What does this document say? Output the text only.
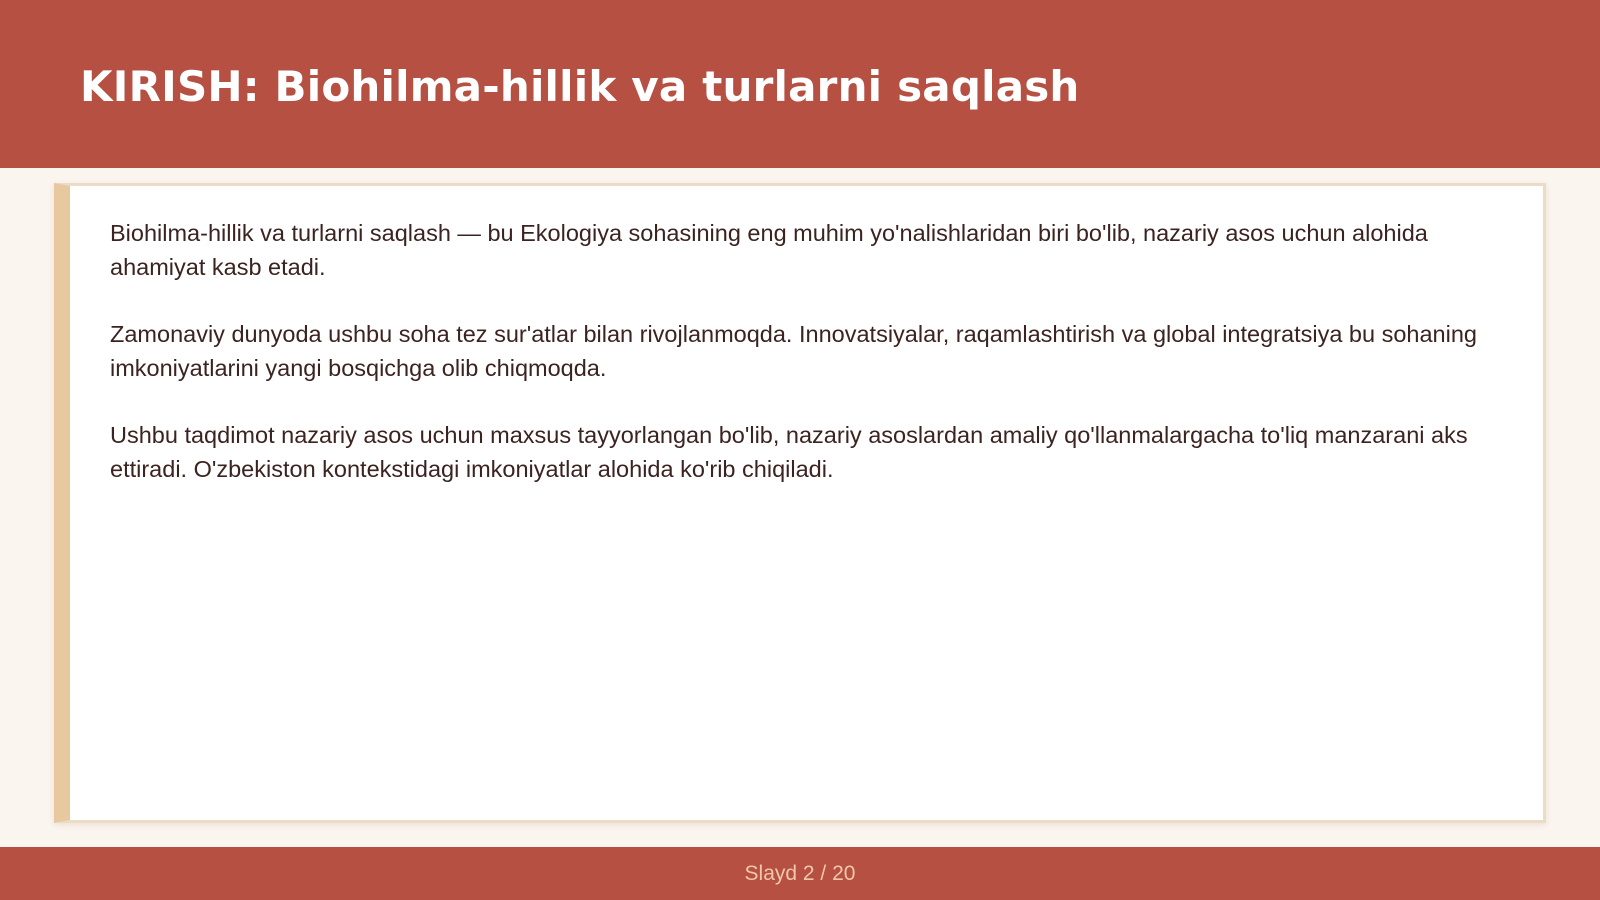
KIRISH: Biohilma-hillik va turlarni saqlash

Biohilma-hillik va turlarni saqlash — bu Ekologiya sohasining eng muhim yo'nalishlaridan biri bo'lib, nazariy asos uchun alohida ahamiyat kasb etadi.

Zamonaviy dunyoda ushbu soha tez sur'atlar bilan rivojlanmoqda. Innovatsiyalar, raqamlashtirish va global integratsiya bu sohaning imkoniyatlarini yangi bosqichga olib chiqmoqda.

Ushbu taqdimot nazariy asos uchun maxsus tayyorlangan bo'lib, nazariy asoslardan amaliy qo'llanmalargacha to'liq manzarani aks ettiradi. O'zbekiston kontekstidagi imkoniyatlar alohida ko'rib chiqiladi.

Slayd 2 / 20
